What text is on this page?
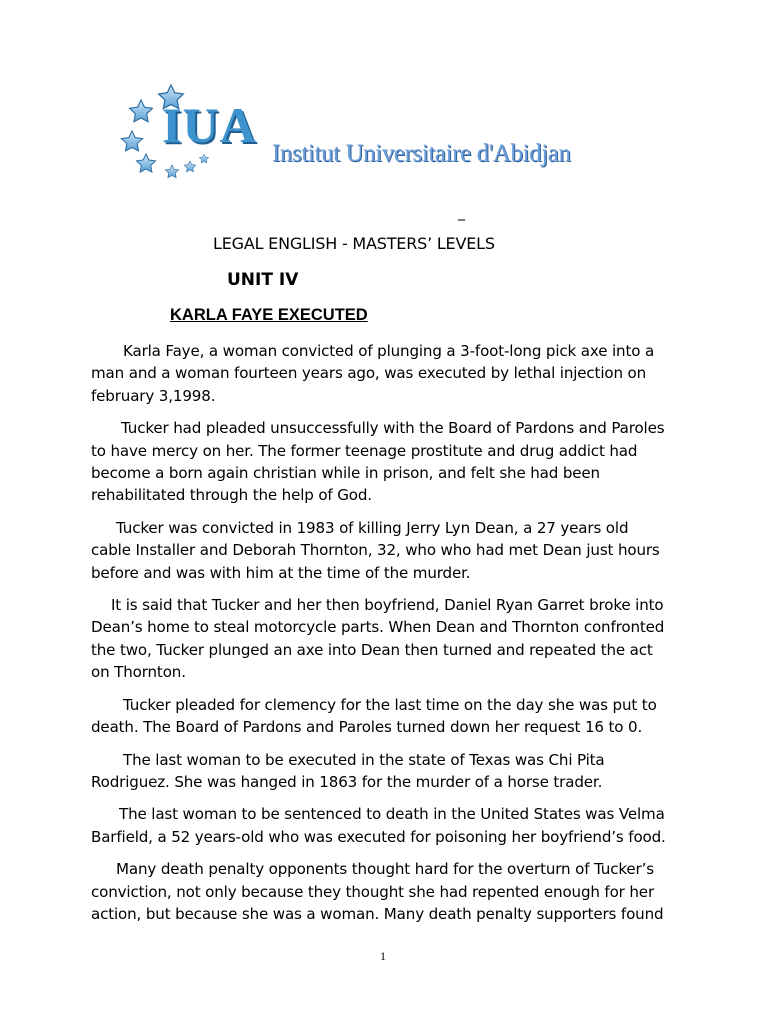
IUA
Institut Universitaire d'Abidjan
_
LEGAL ENGLISH - MASTERS’ LEVELS
UNIT IV
KARLA FAYE EXECUTED

Karla Faye, a woman convicted of plunging a 3-foot-long pick axe into a man and a woman fourteen years ago, was executed by lethal injection on february 3,1998.

Tucker had pleaded unsuccessfully with the Board of Pardons and Paroles to have mercy on her. The former teenage prostitute and drug addict had become a born again christian while in prison, and felt she had been rehabilitated through the help of God.

Tucker was convicted in 1983 of killing Jerry Lyn Dean, a 27 years old cable Installer and Deborah Thornton, 32, who who had met Dean just hours before and was with him at the time of the murder.

It is said that Tucker and her then boyfriend, Daniel Ryan Garret broke into Dean’s home to steal motorcycle parts. When Dean and Thornton confronted the two, Tucker plunged an axe into Dean then turned and repeated the act on Thornton.

Tucker pleaded for clemency for the last time on the day she was put to death. The Board of Pardons and Paroles turned down her request 16 to 0.

The last woman to be executed in the state of Texas was Chi Pita Rodriguez. She was hanged in 1863 for the murder of a horse trader.

The last woman to be sentenced to death in the United States was Velma Barfield, a 52 years-old who was executed for poisoning her boyfriend’s food.

Many death penalty opponents thought hard for the overturn of Tucker’s conviction, not only because they thought she had repented enough for her action, but because she was a woman. Many death penalty supporters found

1
